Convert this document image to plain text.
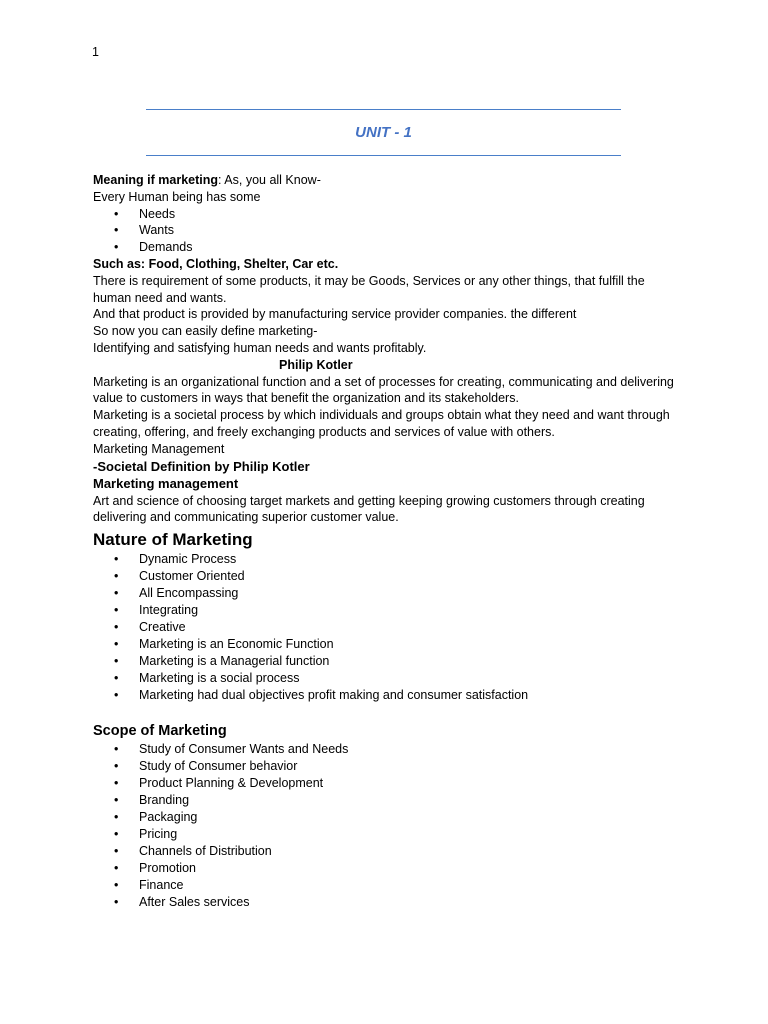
1
UNIT - 1

Meaning if marketing: As, you all Know-

Every Human being has some

• Needs
• Wants
• Demands

Such as: Food, Clothing, Shelter, Car etc.

There is requirement of some products, it may be Goods, Services or any other things, that fulfill the human need and wants.

And that product is provided by manufacturing service provider companies. the different

So now you can easily define marketing-

Identifying and satisfying human needs and wants profitably.

Philip Kotler

Marketing is an organizational function and a set of processes for creating, communicating and delivering value to customers in ways that benefit the organization and its stakeholders.

Marketing is a societal process by which individuals and groups obtain what they need and want through creating, offering, and freely exchanging products and services of value with others.

Marketing Management

-Societal Definition by Philip Kotler

Marketing management

Art and science of choosing target markets and getting keeping growing customers through creating delivering and communicating superior customer value.

Nature of Marketing
• Dynamic Process
• Customer Oriented
• All Encompassing
• Integrating
• Creative
• Marketing is an Economic Function
• Marketing is a Managerial function
• Marketing is a social process
• Marketing had dual objectives profit making and consumer satisfaction
Scope of Marketing
• Study of Consumer Wants and Needs
• Study of Consumer behavior
• Product Planning & Development
• Branding
• Packaging
• Pricing
• Channels of Distribution
• Promotion
• Finance
• After Sales services
